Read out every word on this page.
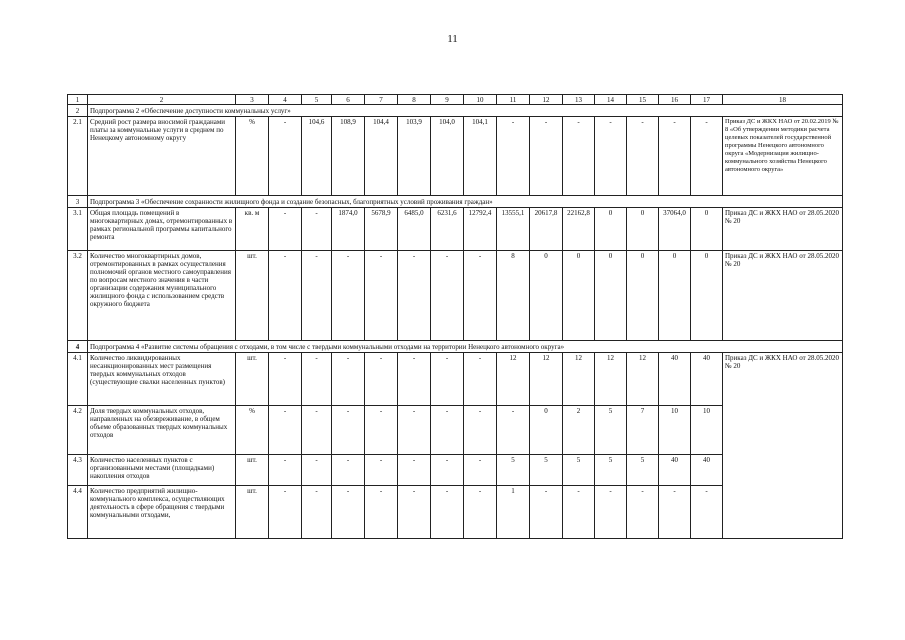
11
1	2	3	4	5	6	7	8	9	10	11	12	13	14	15	16	17	18	
2	Подпрограмма 2 «Обеспечение доступности коммунальных услуг»																	
2.1	Средний рост размера вносимой гражданами платы за коммунальные услуги в среднем по Ненецкому автономному округу	%	-	104,6	108,9	104,4	103,9	104,0	104,1	-	-	-	-	-	-	-	Приказ ДС и ЖКХ НАО от 20.02.2019 № 8 «Об утверждении методики расчета целевых показателей государственной программы Ненецкого автономного округа «Модернизация жилищно-коммунального хозяйства Ненецкого автономного округа»	
3	Подпрограмма 3 «Обеспечение сохранности жилищного фонда и создание безопасных, благоприятных условий проживания граждан»																	
3.1	Общая площадь помещений в многоквартирных домах, отремонтированных в рамках региональной программы капитального ремонта	кв. м	-	-	1874,0	5678,9	6485,0	6231,6	12792,4	13555,1	20617,8	22162,8	0	0	37064,0	0	Приказ ДС и ЖКХ НАО от 28.05.2020 № 20	
3.2	Количество многоквартирных домов, отремонтированных в рамках осуществления полномочий органов местного самоуправления по вопросам местного значения в части организации содержания муниципального жилищного фонда с использованием средств окружного бюджета	шт.	-	-	-	-	-	-	-	8	0	0	0	0	0	0	Приказ ДС и ЖКХ НАО от 28.05.2020 № 20	
4	Подпрограмма 4 «Развитие системы обращения с отходами, в том числе с твердыми коммунальными отходами на территории Ненецкого автономного округа»																	
4.1	Количество ликвидированных несанкционированных мест размещения твердых коммунальных отходов (существующие свалки населенных пунктов)	шт.	-	-	-	-	-	-	-	12	12	12	12	12	40	40	Приказ ДС и ЖКХ НАО от 28.05.2020 № 20	
4.2	Доля твердых коммунальных отходов, направленных на обезвреживание, в общем объеме образованных твердых коммунальных отходов	%	-	-	-	-	-	-	-	-	0	2	5	7	10	10		
4.3	Количество населенных пунктов с организованными местами (площадками) накопления отходов	шт.	-	-	-	-	-	-	-	5	5	5	5	5	40	40		
4.4	Количество предприятий жилищно-коммунального комплекса, осуществляющих деятельность в сфере обращения с твердыми коммунальными отходами,	шт.	-	-	-	-	-	-	-	1	-	-	-	-	-	-		
